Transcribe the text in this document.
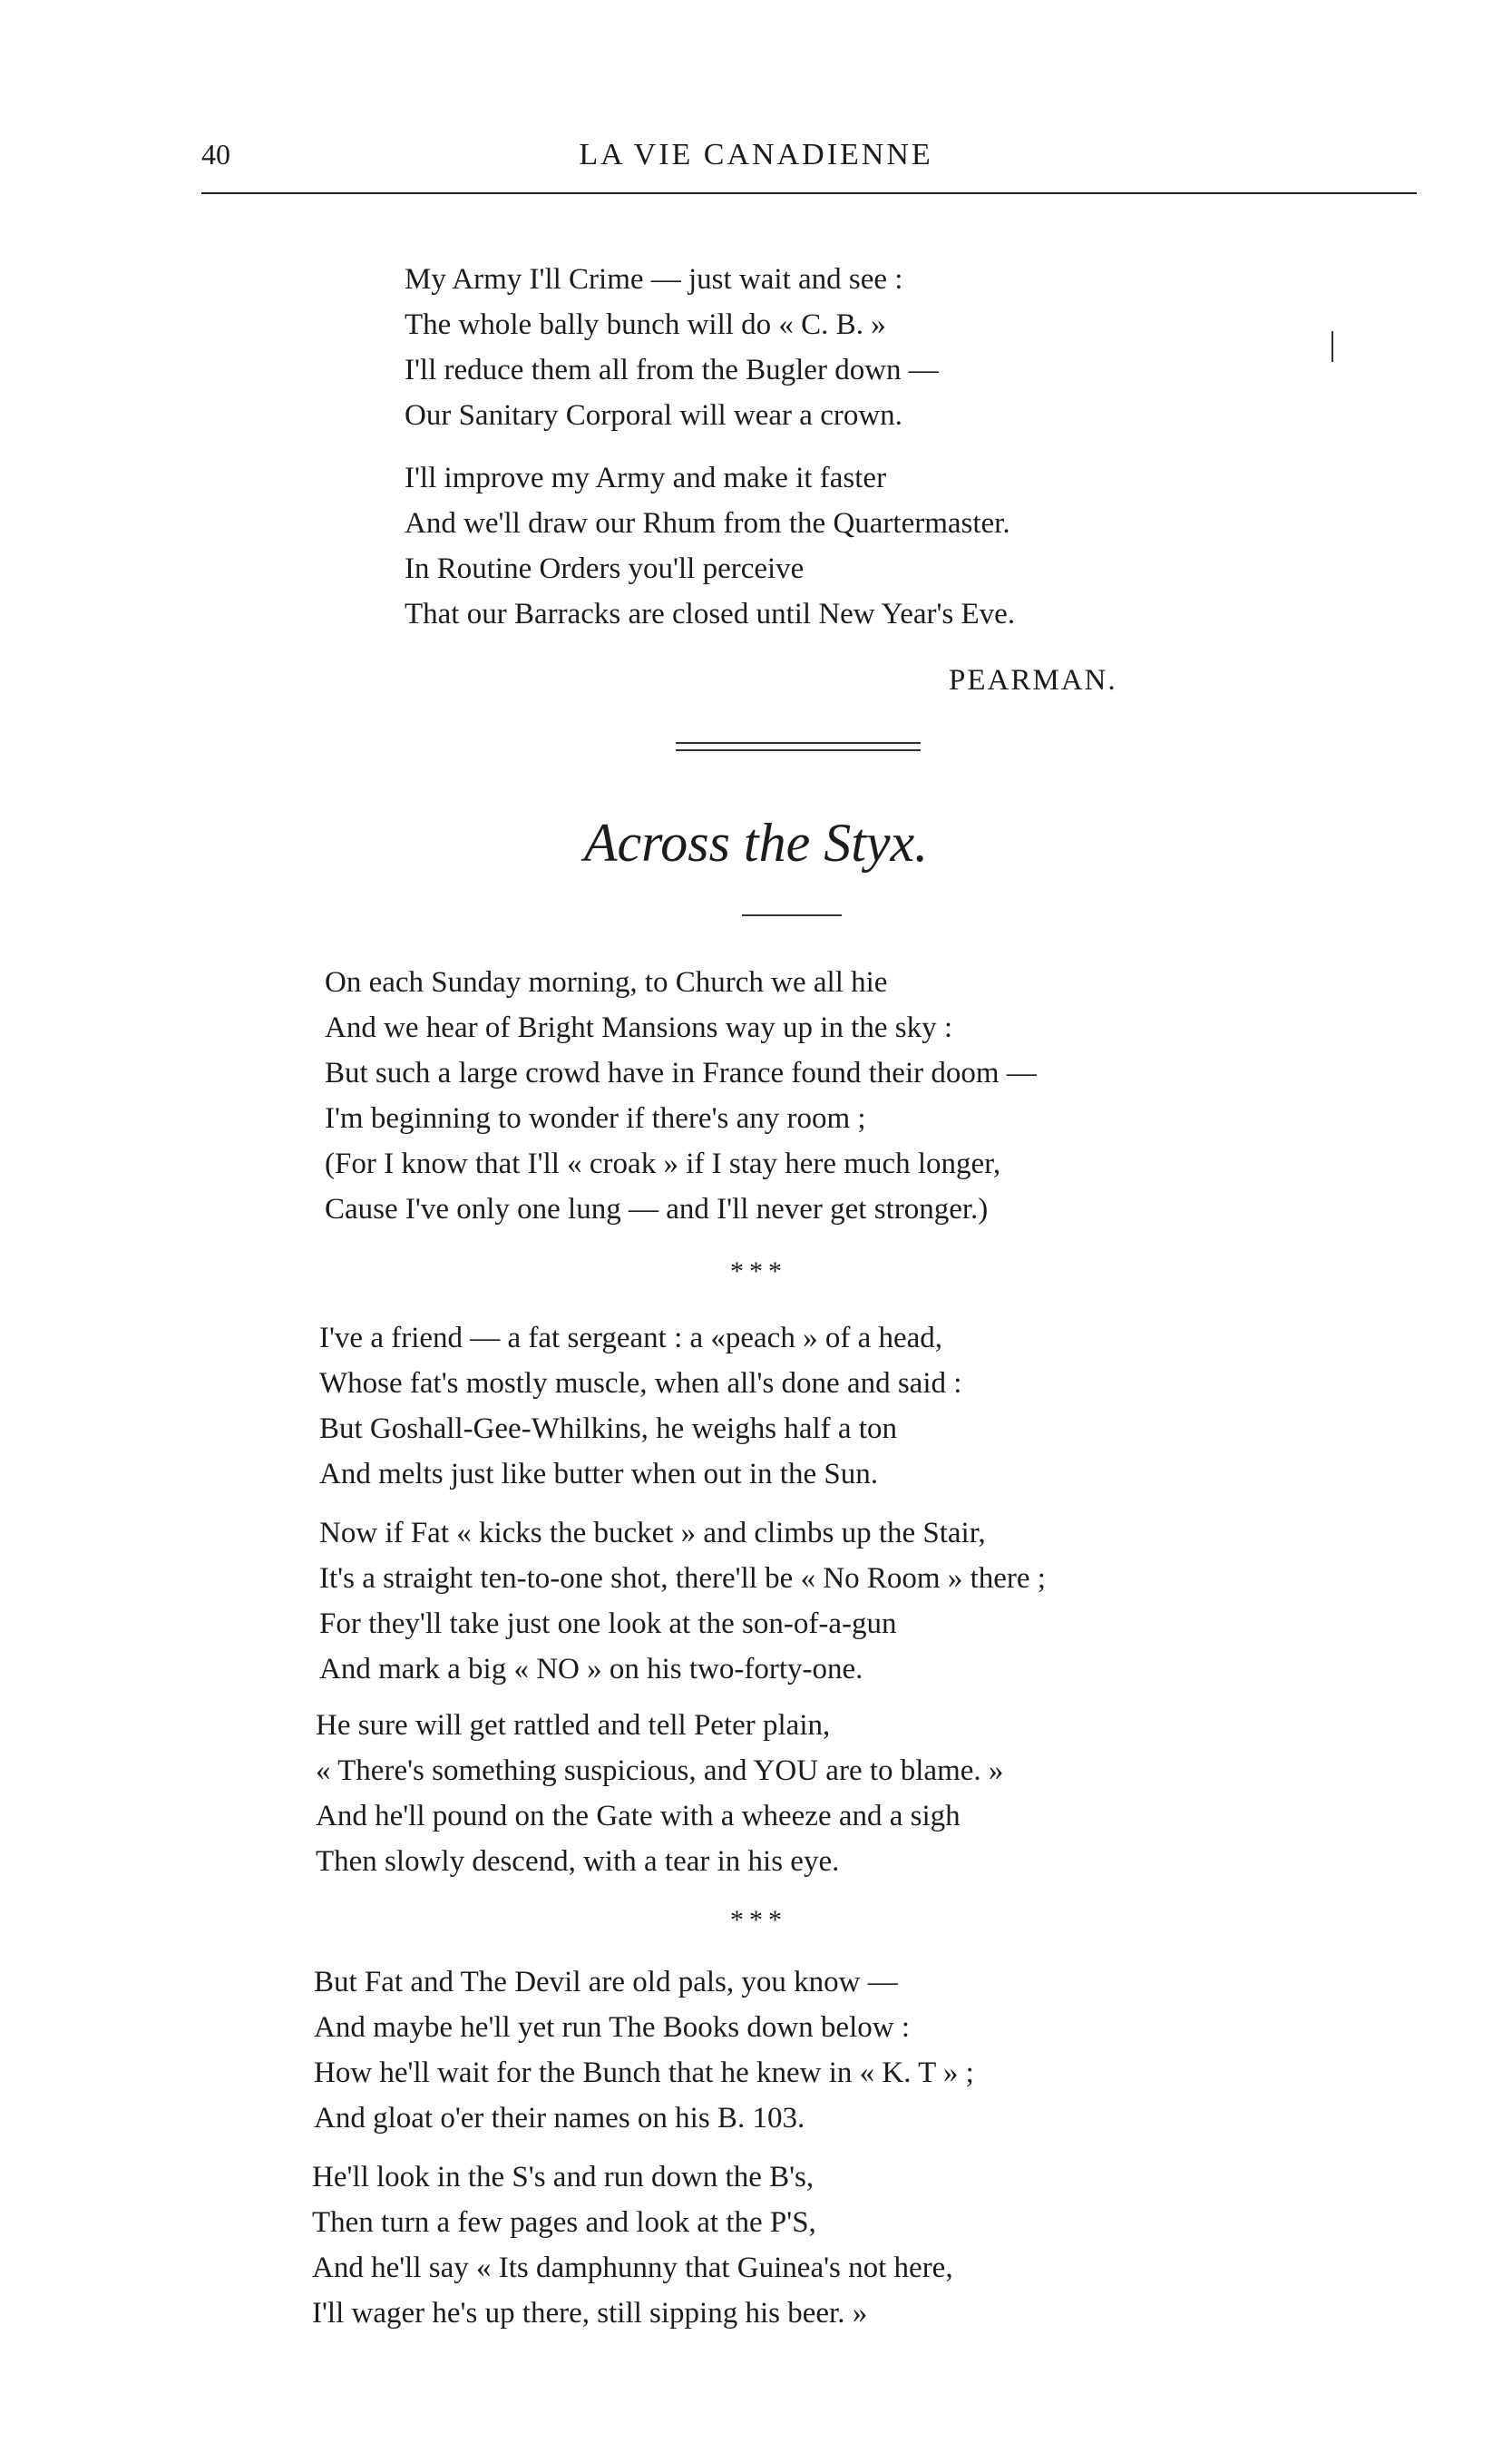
40	LA VIE CANADIENNE
My Army I'll Crime — just wait and see :
The whole bally bunch will do « C. B. »
I'll reduce them all from the Bugler down —
Our Sanitary Corporal will wear a crown.
I'll improve my Army and make it faster
And we'll draw our Rhum from the Quartermaster.
In Routine Orders you'll perceive
That our Barracks are closed until New Year's Eve.
PEARMAN.
Across the Styx.
On each Sunday morning, to Church we all hie
And we hear of Bright Mansions way up in the sky :
But such a large crowd have in France found their doom —
I'm beginning to wonder if there's any room ;
(For I know that I'll « croak » if I stay here much longer,
Cause I've only one lung — and I'll never get stronger.)
* * *
I've a friend — a fat sergeant : a «peach » of a head,
Whose fat's mostly muscle, when all's done and said :
But Goshall-Gee-Whilkins, he weighs half a ton
And melts just like butter when out in the Sun.
Now if Fat « kicks the bucket » and climbs up the Stair,
It's a straight ten-to-one shot, there'll be « No Room » there ;
For they'll take just one look at the son-of-a-gun
And mark a big « NO » on his two-forty-one.
He sure will get rattled and tell Peter plain,
« There's something suspicious, and YOU are to blame. »
And he'll pound on the Gate with a wheeze and a sigh
Then slowly descend, with a tear in his eye.
* * *
But Fat and The Devil are old pals, you know —
And maybe he'll yet run The Books down below :
How he'll wait for the Bunch that he knew in « K. T » ;
And gloat o'er their names on his B. 103.
He'll look in the S's and run down the B's,
Then turn a few pages and look at the P'S,
And he'll say « Its damphunny that Guinea's not here,
I'll wager he's up there, still sipping his beer. »
